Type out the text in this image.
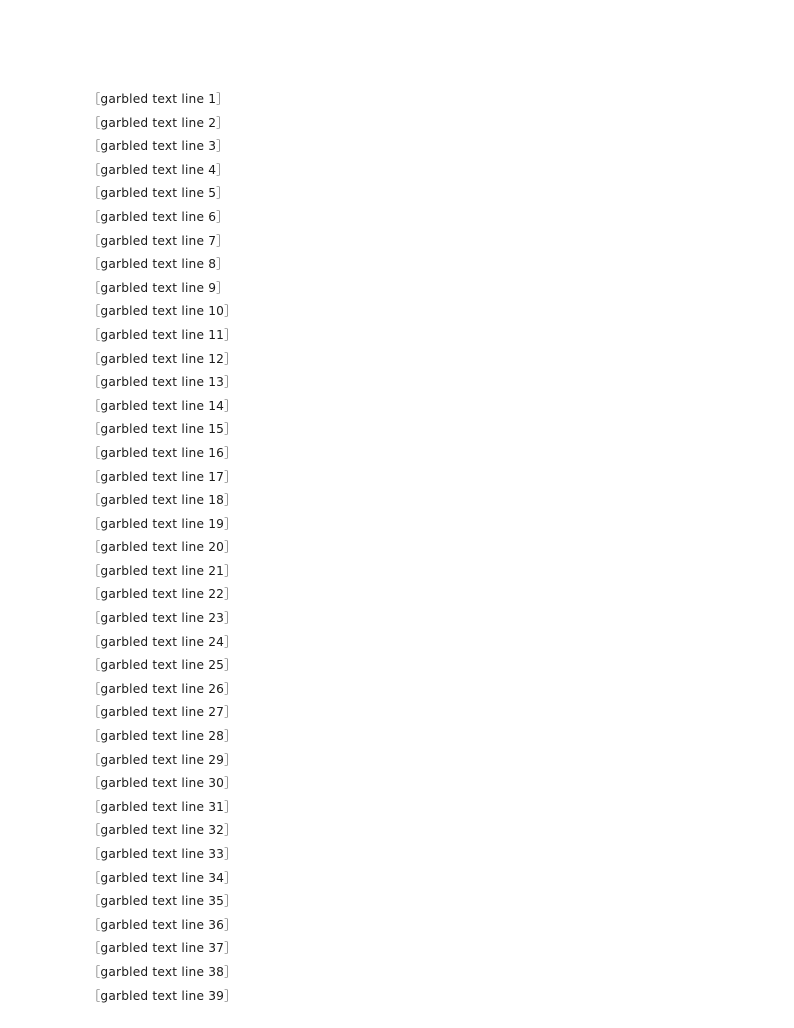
［garbled text line 1］
［garbled text line 2］
［garbled text line 3］
［garbled text line 4］
［garbled text line 5］
［garbled text line 6］
［garbled text line 7］
［garbled text line 8］
［garbled text line 9］
［garbled text line 10］
［garbled text line 11］
［garbled text line 12］
［garbled text line 13］
［garbled text line 14］
［garbled text line 15］
［garbled text line 16］
［garbled text line 17］
［garbled text line 18］
［garbled text line 19］
［garbled text line 20］
［garbled text line 21］
［garbled text line 22］
［garbled text line 23］
［garbled text line 24］
［garbled text line 25］
［garbled text line 26］
［garbled text line 27］
［garbled text line 28］
［garbled text line 29］
［garbled text line 30］
［garbled text line 31］
［garbled text line 32］
［garbled text line 33］
［garbled text line 34］
［garbled text line 35］
［garbled text line 36］
［garbled text line 37］
［garbled text line 38］
［garbled text line 39］
